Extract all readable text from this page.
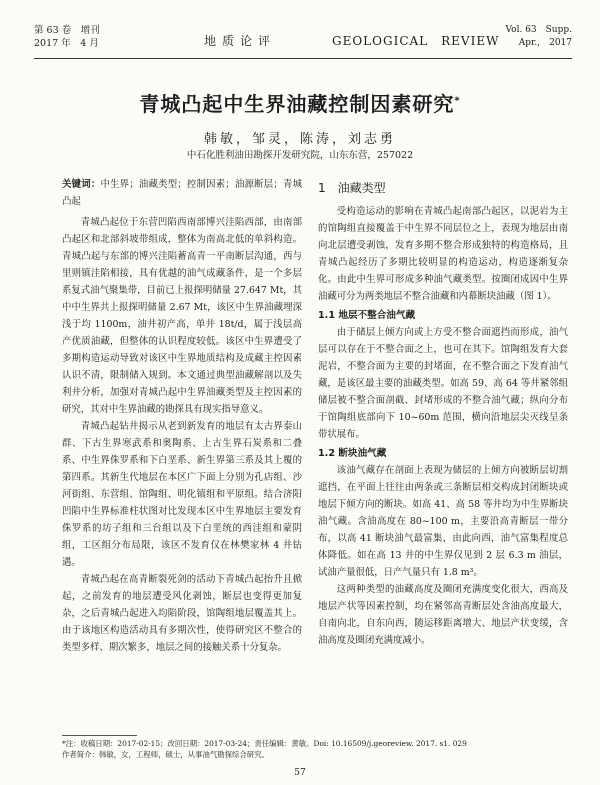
第 63 卷　增刊
2017 年　4 月	地质论评	GEOLOGICAL　REVIEW
Vol. 63　Supp.
Apr.,　2017
青城凸起中生界油藏控制因素研究*
韩敏，邹灵，陈涛，刘志勇
中石化胜利油田勘探开发研究院，山东东营，257022

关键词：中生界；油藏类型；控制因素；油源断层；青城凸起

青城凸起位于东营凹陷西南部博兴洼陷西部，由南部凸起区和北部斜坡带组成，整体为南高北低的单斜构造。青城凸起与东部的博兴洼陷蓄高青一平南断层沟通，西与里则镇洼陷相接，具有优越的油气成藏条件，是一个多层系复式油气聚集带，目前已上报探明储量 27.647 Mt，其中中生界共上报探明储量 2.67 Mt，该区中生界油藏埋深浅于均 1100m，油井初产高，单井 18t/d，属于浅层高产优质油藏，但整体的认识程度较低。该区中生界遭受了多期构造运动导致对该区中生界地质结构及成藏主控因素认识不清，限制储入规到。本文通过典型油藏解剖以及失利井分析，加强对青城凸起中生界油藏类型及主控因素的研究，其对中生界油藏的勘探具有现实指导意义。

青城凸起钻井揭示从老到新发育的地层有太古界泰山群、下古生界寒武系和奥陶系、上古生界石炭系和二叠系、中生界侏罗系和下白垩系、新生界第三系及其上覆的第四系。其新生代地层在本区广下面上分别为孔店组、沙河街组、东营组、馆陶组、明化镇组和平原组。结合济阳凹陷中生界标准柱状图对比发现本区中生界地层主要发育侏罗系的坊子组和三台组以及下白垩统的西洼组和蒙阴组，工区组分布局限，该区不发育仅在林樊家林 4 井钻遇。

青城凸起在高青断裂死剑的活动下青城凸起抬升且掀起，之前发育的地层遭受风化剥蚀，断层也变得更加复杂，之后青城凸起进入均陷阶段，馆陶组地层覆盖其上。由于该地区构造活动具有多期次性，使得研究区不整合的类型多样、期次繁多，地层之间的接触关系十分复杂。

1　油藏类型

受构造运动的影响在青城凸起南部凸起区，以泥岩为主的馆陶组直接覆盖于中生界不同层位之上，表现为地层由南向北层遭受剥蚀，发育多期不整合形成独特的构造格局，且青城凸起经历了多期比较明显的构造运动，构造逐渐复杂化。由此中生界可形成多种油气藏类型。按圈闭成因中生界油藏可分为两类地层不整合油藏和内幕断块油藏（图 1）。

1.1 地层不整合油气藏

由于储层上倾方向或上方受不整合面遮挡而形成，油气层可以存在于不整合面之上，也可在其下。馆陶组发育大套泥岩，不整合面为主要的封堵面，在不整合面之下发育油气藏，是该区最主要的油藏类型。如高 59、高 64 等井紧邻组储层被不整合面剖截、封堵形成的不整合油气藏；纵向分布于馆陶组底部向下 10~60m 范围，横向沿地层尖灭线呈条带状展布。

1.2 断块油气藏

该油气藏存在剖面上表现为储层的上倾方向被断层切割遮挡，在平面上往往由两条或三条断层相交构成封闭断块或地层下倾方向的断块。如高 41、高 58 等井均为中生界断块油气藏。含油高度在 80~100 m，主要沿高青断层一带分布，以高 41 断块油气最富集，由此向西，油气富集程度总体降低。如在高 13 井的中生界仅见到 2 层 6.3 m 油层，试油产量很低，日产气量只有 1.8 m³。

这两种类型的油藏高度及圈闭充满度变化很大，西高及地层产状等因素控制，均在紧邻高青断层处含油高度最大，自南向北，自东向西，随运移距离增大、地层产状变缓，含油高度及圈闭充满度减小。

*注：收稿日期：2017-02-15；改回日期：2017-03-24；责任编辑：黄敏。Doi: 10.16509/j.georeview. 2017. s1. 029
作者简介：韩敏，女，工程师，硕士，从事油气勘探综合研究。
57
